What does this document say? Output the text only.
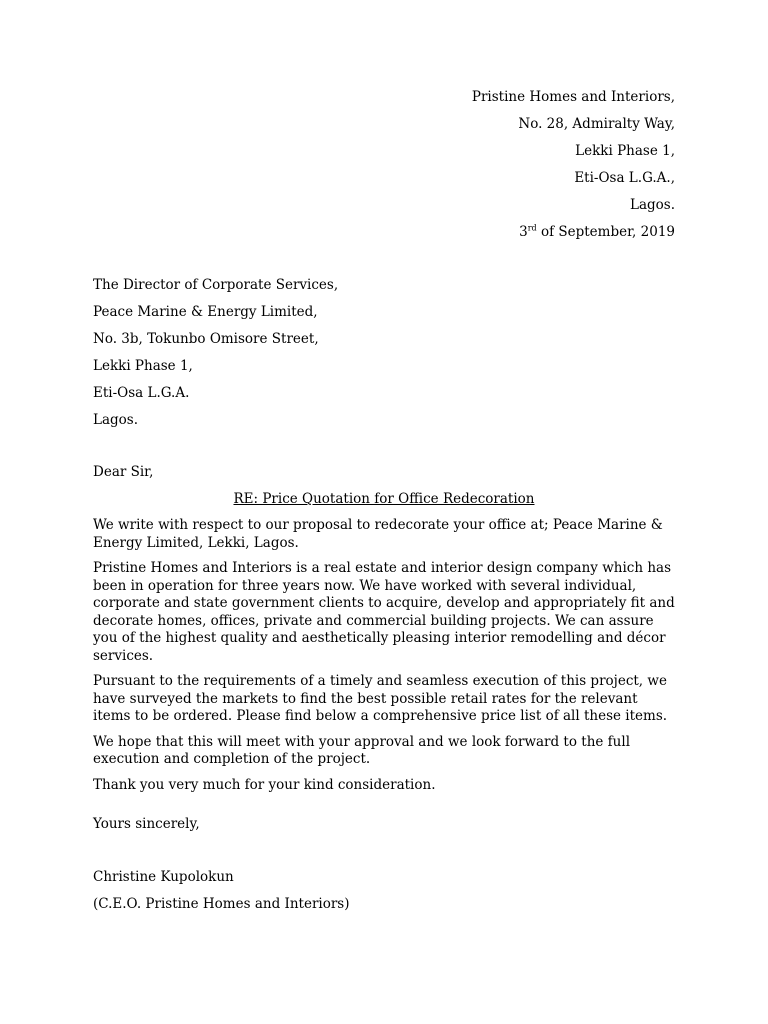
Pristine Homes and Interiors,
No. 28, Admiralty Way,
Lekki Phase 1,
Eti-Osa L.G.A.,
Lagos.
3rd of September, 2019
The Director of Corporate Services,
Peace Marine & Energy Limited,
No. 3b, Tokunbo Omisore Street,
Lekki Phase 1,
Eti-Osa L.G.A.
Lagos.
Dear Sir,
RE: Price Quotation for Office Redecoration

We write with respect to our proposal to redecorate your office at; Peace Marine & Energy Limited, Lekki, Lagos.

Pristine Homes and Interiors is a real estate and interior design company which has been in operation for three years now. We have worked with several individual, corporate and state government clients to acquire, develop and appropriately fit and decorate homes, offices, private and commercial building projects. We can assure you of the highest quality and aesthetically pleasing interior remodelling and décor services.

Pursuant to the requirements of a timely and seamless execution of this project, we have surveyed the markets to find the best possible retail rates for the relevant items to be ordered. Please find below a comprehensive price list of all these items.

We hope that this will meet with your approval and we look forward to the full execution and completion of the project.

Thank you very much for your kind consideration.

Yours sincerely,
Christine Kupolokun
(C.E.O. Pristine Homes and Interiors)
